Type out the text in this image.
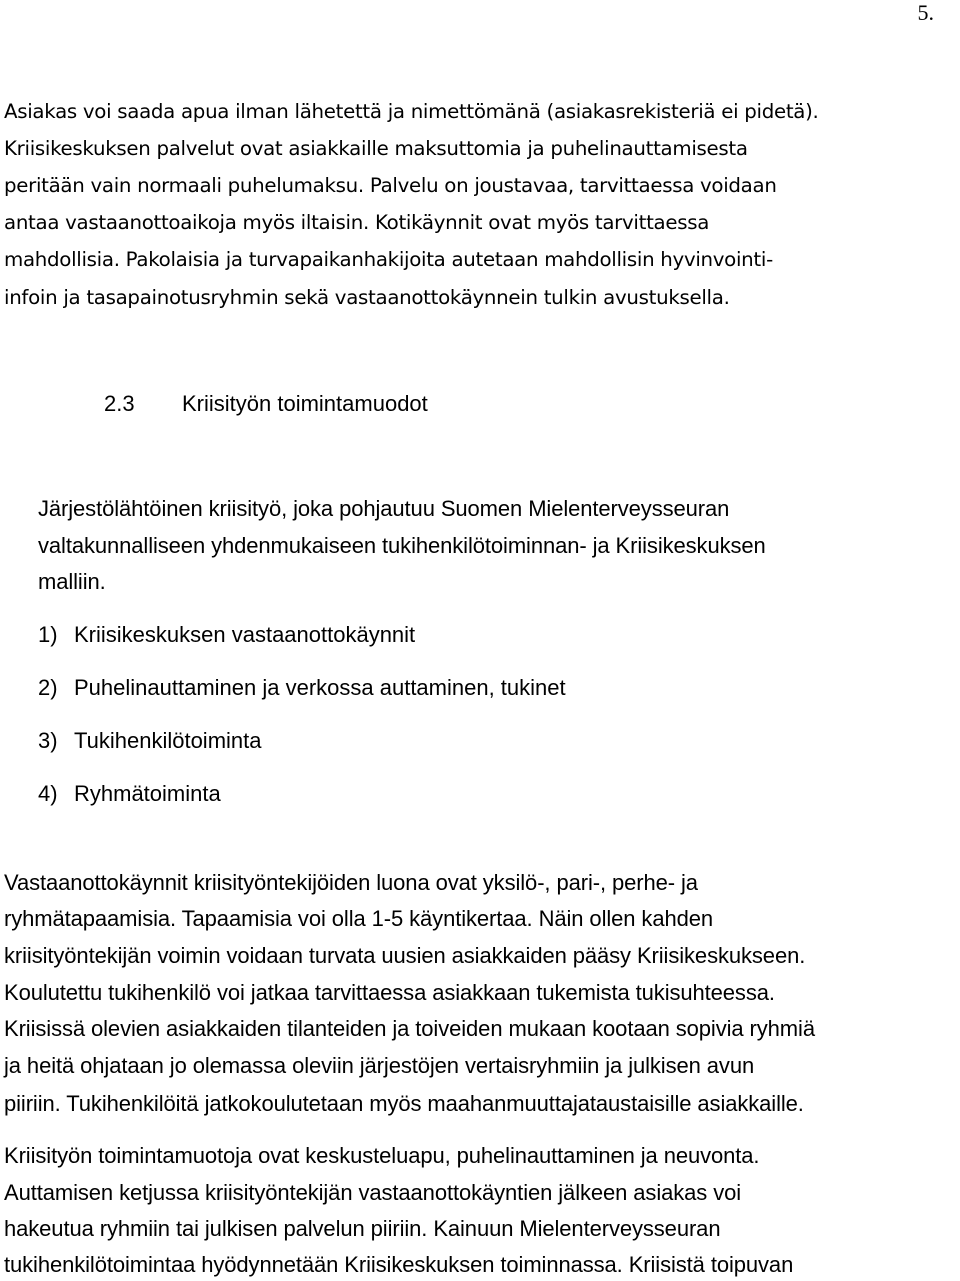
5.
Asiakas voi saada apua ilman lähetettä ja nimettömänä (asiakasrekisteriä ei pidetä).
Kriisikeskuksen palvelut ovat asiakkaille maksuttomia ja puhelinauttamisesta
peritään vain normaali puhelumaksu. Palvelu on joustavaa, tarvittaessa voidaan
antaa vastaanottoaikoja myös iltaisin. Kotikäynnit ovat myös tarvittaessa
mahdollisia. Pakolaisia ja turvapaikanhakijoita autetaan mahdollisin hyvinvointi-
infoin ja tasapainotusryhmin sekä vastaanottokäynnein tulkin avustuksella.
2.3 Kriisityön toimintamuodot
Järjestölähtöinen kriisityö, joka pohjautuu Suomen Mielenterveysseuran
valtakunnalliseen yhdenmukaiseen tukihenkilötoiminnan- ja Kriisikeskuksen
malliin.
1) Kriisikeskuksen vastaanottokäynnit
2) Puhelinauttaminen ja verkossa auttaminen, tukinet
3) Tukihenkilötoiminta
4) Ryhmätoiminta
Vastaanottokäynnit kriisityöntekijöiden luona ovat yksilö-, pari-, perhe- ja
ryhmätapaamisia. Tapaamisia voi olla 1-5 käyntikertaa. Näin ollen kahden
kriisityöntekijän voimin voidaan turvata uusien asiakkaiden pääsy Kriisikeskukseen.
Koulutettu tukihenkilö voi jatkaa tarvittaessa asiakkaan tukemista tukisuhteessa.
Kriisissä olevien asiakkaiden tilanteiden ja toiveiden mukaan kootaan sopivia ryhmiä
ja heitä ohjataan jo olemassa oleviin järjestöjen vertaisryhmiin ja julkisen avun
piiriin. Tukihenkilöitä jatkokoulutetaan myös maahanmuuttajataustaisille asiakkaille.
Kriisityön toimintamuotoja ovat keskusteluapu, puhelinauttaminen ja neuvonta.
Auttamisen ketjussa kriisityöntekijän vastaanottokäyntien jälkeen asiakas voi
hakeutua ryhmiin tai julkisen palvelun piiriin. Kainuun Mielenterveysseuran
tukihenkilötoimintaa hyödynnetään Kriisikeskuksen toiminnassa. Kriisistä toipuvan
